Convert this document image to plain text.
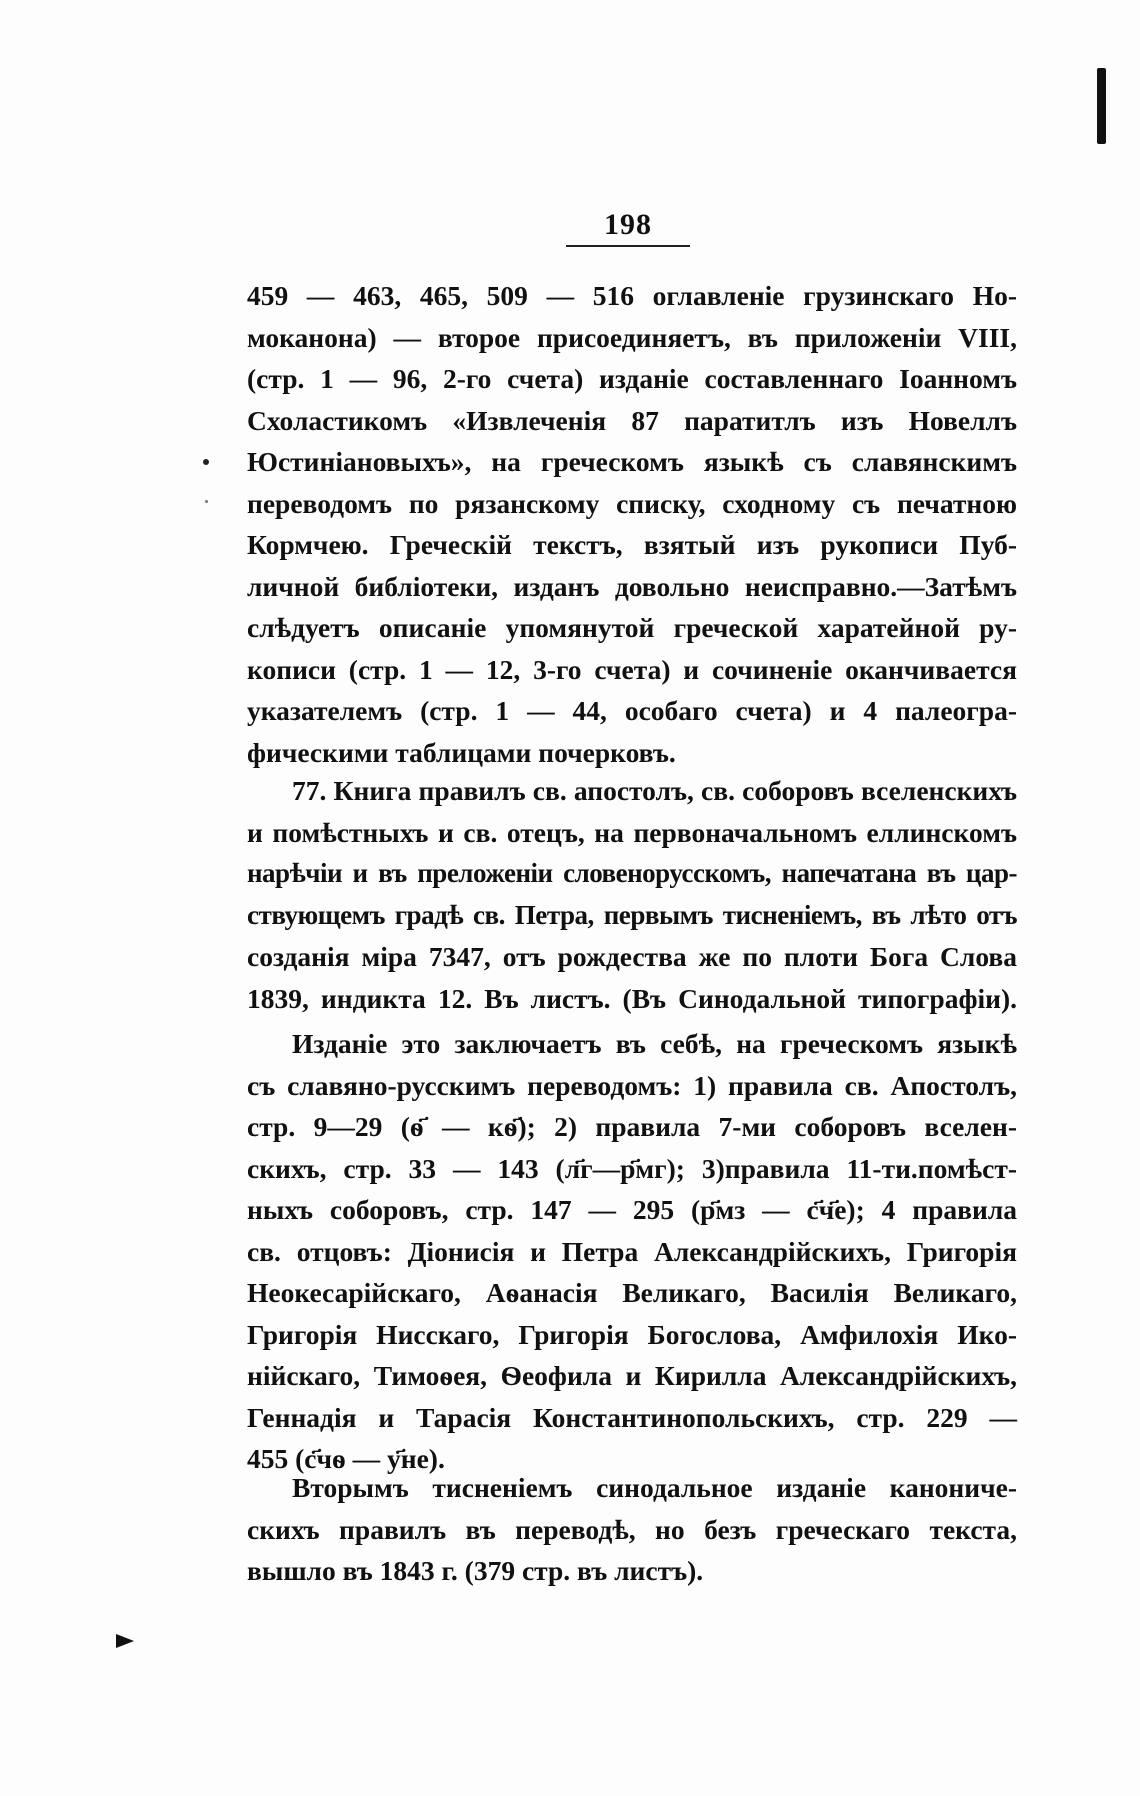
198
459 — 463, 465, 509 — 516 оглавленіе грузинскаго Но-
моканона) — второе присоединяетъ, въ приложеніи VIII,
(стр. 1 — 96, 2-го счета) изданіе составленнаго Іоанномъ
Схоластикомъ «Извлеченія 87 паратитлъ изъ Новеллъ
Юстиніановыхъ», на греческомъ языкѣ съ славянскимъ
переводомъ по рязанскому списку, сходному съ печатною
Кормчею. Греческій текстъ, взятый изъ рукописи Пуб-
личной библіотеки, изданъ довольно неисправно.—Затѣмъ
слѣдуетъ описанie упомянутой греческой харатейной ру-
кописи (стр. 1 — 12, 3-го счета) и сочиненіе оканчивается
указателемъ (стр. 1 — 44, особаго счета) и 4 палеогра-
фическими таблицами почерковъ.
77. Книга правилъ св. апостолъ, св. соборовъ вселенскихъ
и помѣстныхъ и св. отецъ, на первоначальномъ еллинскомъ
нарѣчіи и въ преложеніи словенорусскомъ, напечатана въ цар-
ствующемъ градѣ св. Петра, первымъ тисненіемъ, въ лѣто отъ
созданія міра 7347, отъ рождества же по плоти Бога Слова
1839, индикта 12. Въ листъ. (Въ Синодальной типографіи).
Изданіе это заключаетъ въ себѣ, на греческомъ языкѣ
съ славяно-русскимъ переводомъ: 1) правила св. Апостолъ,
стр. 9—29 (ѳ҃ — кѳ҃); 2) правила 7-ми соборовъ вселен-
скихъ, стр. 33 — 143 (л҃г—р҃мг); 3)правила 11-ти.помѣст-
ныхъ соборовъ, стр. 147 — 295 (р҃мз — с҃ч҃е); 4 правила
св. отцовъ: Діонисія и Петра Александрійскихъ, Григорія
Неокесарійскаго, Аѳанасія Великаго, Василія Великаго,
Григорія Нисскаго, Григорія Богослова, Амфилохія Ико-
нійскаго, Тимоѳея, Ѳеофила и Кирилла Александрійскихъ,
Геннадія и Тарасія Константинопольскихъ, стр. 229 —
455 (с҃чѳ — у҃не).
Вторымъ тисненіемъ синодальное изданіе канониче-
скихъ правилъ въ переводѣ, но безъ греческаго текста,
вышло въ 1843 г. (379 стр. въ листъ).
